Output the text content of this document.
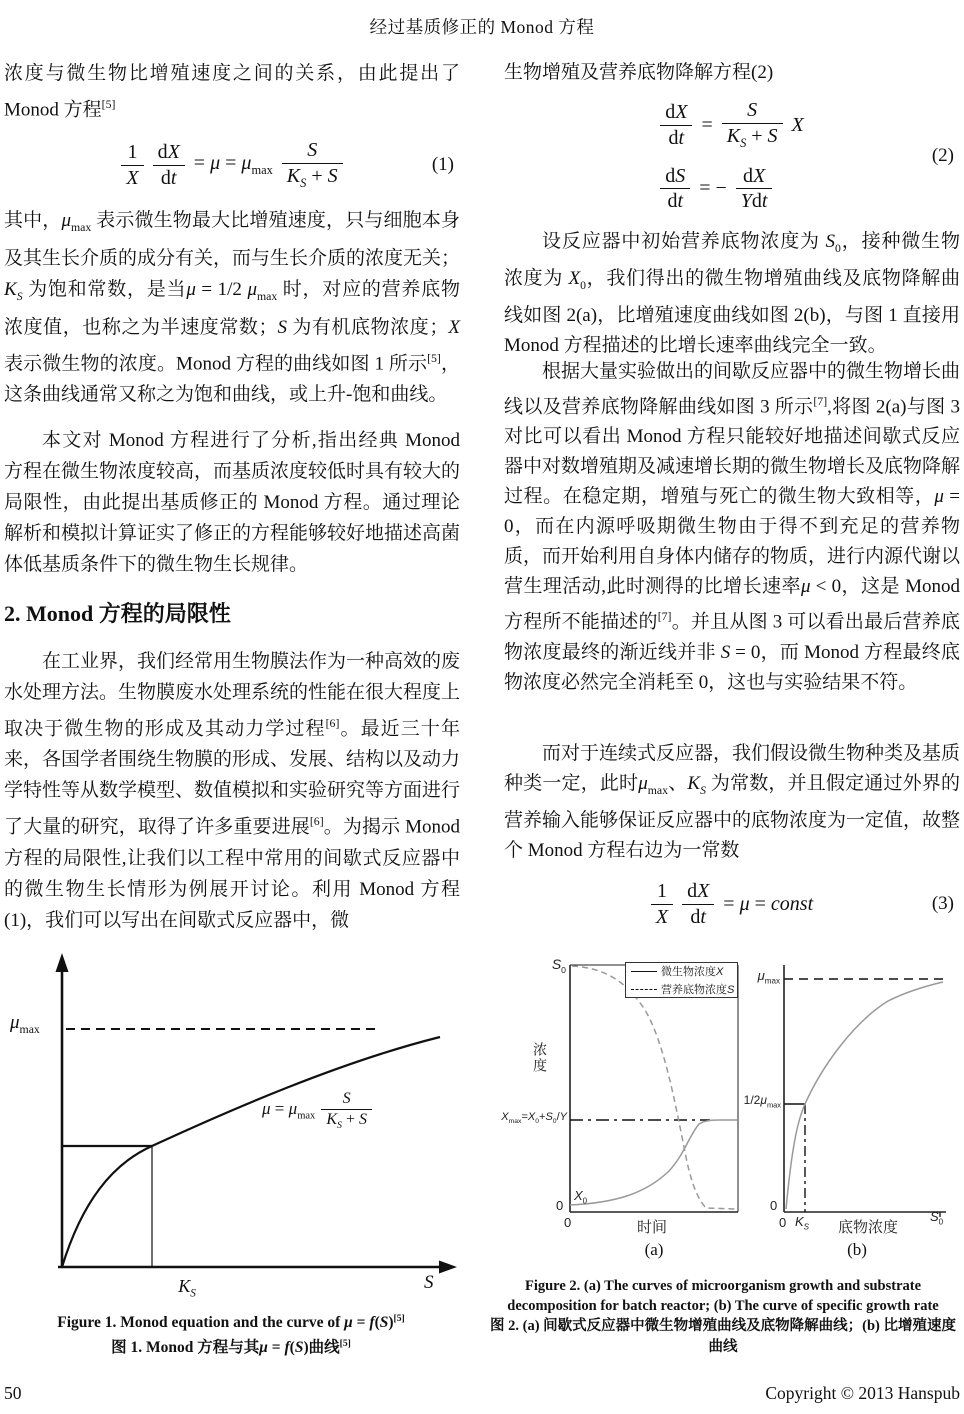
经过基质修正的 Monod 方程

浓度与微生物比增殖速度之间的关系，由此提出了 Monod 方程[5]

$\frac{1}{X} \frac{dX}{dt} = \mu = \mu_{max} \frac{S}{K_S + S}$	(1)

其中，$\mu_{max}$ 表示微生物最大比增殖速度，只与细胞本身及其生长介质的成分有关，而与生长介质的浓度无关；$K_S$ 为饱和常数，是当μ = 1/2 $\mu_{max}$ 时，对应的营养底物浓度值，也称之为半速度常数；S 为有机底物浓度；X 表示微生物的浓度。Monod 方程的曲线如图 1 所示[5]，这条曲线通常又称之为饱和曲线，或上升-饱和曲线。

本文对 Monod 方程进行了分析,指出经典 Monod 方程在微生物浓度较高，而基质浓度较低时具有较大的局限性，由此提出基质修正的 Monod 方程。通过理论解析和模拟计算证实了修正的方程能够较好地描述高菌体低基质条件下的微生物生长规律。

2. Monod 方程的局限性

在工业界，我们经常用生物膜法作为一种高效的废水处理方法。生物膜废水处理系统的性能在很大程度上取决于微生物的形成及其动力学过程[6]。最近三十年来，各国学者围绕生物膜的形成、发展、结构以及动力学特性等从数学模型、数值模拟和实验研究等方面进行了大量的研究，取得了许多重要进展[6]。为揭示 Monod 方程的局限性,让我们以工程中常用的间歇式反应器中的微生物生长情形为例展开讨论。利用 Monod 方程(1)，我们可以写出在间歇式反应器中，微

生物增殖及营养底物降解方程(2)

$\frac{dX}{dt} = \frac{S}{K_S + S}$ X
$\frac{dS}{dt}$ = − $\frac{dX}{\text{Ydt}}$
(2)

设反应器中初始营养底物浓度为 $S_0$，接种微生物浓度为 $X_0$，我们得出的微生物增殖曲线及底物降解曲线如图 2(a)，比增殖速度曲线如图 2(b)，与图 1 直接用 Monod 方程描述的比增长速率曲线完全一致。

根据大量实验做出的间歇反应器中的微生物增长曲线以及营养底物降解曲线如图 3 所示[7],将图 2(a)与图 3 对比可以看出 Monod 方程只能较好地描述间歇式反应器中对数增殖期及减速增长期的微生物增长及底物降解过程。在稳定期，增殖与死亡的微生物大致相等，μ = 0，而在内源呼吸期微生物由于得不到充足的营养物质，而开始利用自身体内储存的物质，进行内源代谢以营生理活动,此时测得的比增长速率μ < 0，这是 Monod 方程所不能描述的[7]。并且从图 3 可以看出最后营养底物浓度最终的渐近线并非 S = 0，而 Monod 方程最终底物浓度必然完全消耗至 0，这也与实验结果不符。

而对于连续式反应器，我们假设微生物种类及基质种类一定，此时$\mu_{max}$、$K_S$ 为常数，并且假定通过外界的营养输入能够保证反应器中的底物浓度为一定值，故整个 Monod 方程右边为一常数

$\frac{1}{X} \frac{dX}{dt} = \mu$ = const	(3)
$\mu_{max}$
$\mu = \mu_{max} \frac{S}{K_S + S}$
$K_S$
S
Figure 1. Monod equation and the curve of μ = f(S)[5]
图 1. Monod 方程与其μ = f(S)曲线[5]
$S_0$	微生物浓度X
营养底物浓度S
浓度
$X_{max}=X_0+S_0/Y$
$X_0$
0
0	时间
(a)
$\mu_{max}$
$1/2\mu_{max}$
0
0 $K_S$	底物浓度
$S_0$
(b)
Figure 2. (a) The curves of microorganism growth and substrate decomposition for batch reactor; (b) The curve of specific growth rate
图 2. (a) 间歇式反应器中微生物增殖曲线及底物降解曲线；(b) 比增殖速度曲线
50	Copyright © 2013 Hanspub
